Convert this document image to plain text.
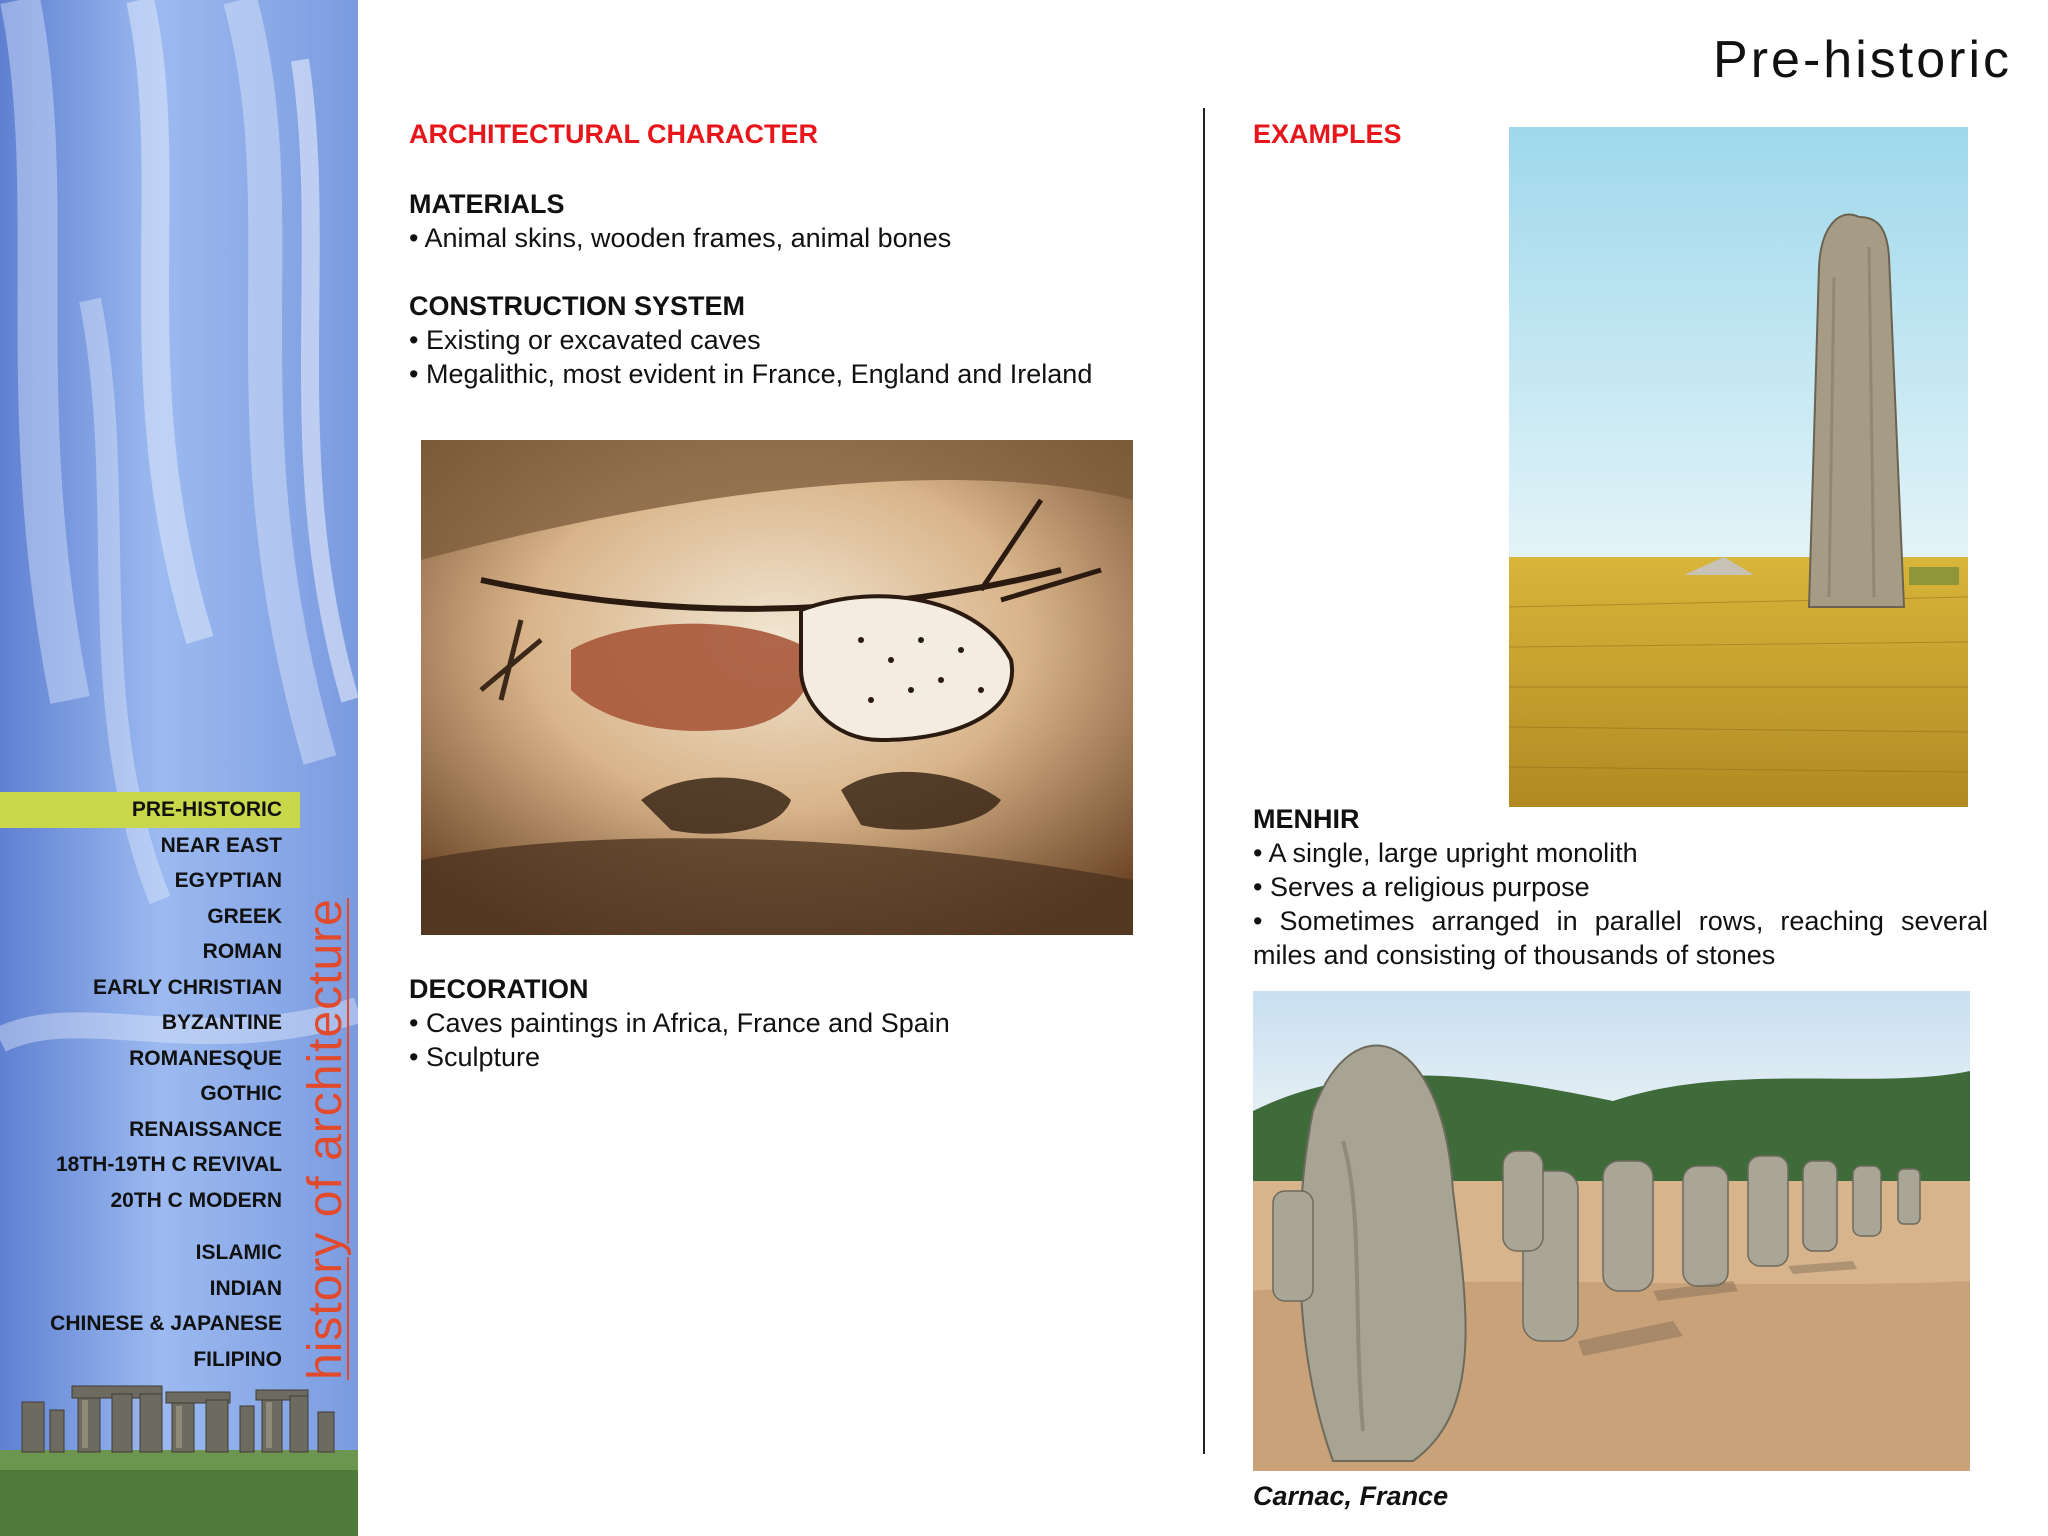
PRE-HISTORIC
NEAR EAST
EGYPTIAN
GREEK
ROMAN
EARLY CHRISTIAN
BYZANTINE
ROMANESQUE
GOTHIC
RENAISSANCE
18TH-19TH C REVIVAL
20TH C MODERN
ISLAMIC
INDIAN
CHINESE & JAPANESE
FILIPINO history of architecture
Pre-historic
ARCHITECTURAL CHARACTER
MATERIALS

• Animal skins, wooden frames, animal bones

CONSTRUCTION SYSTEM

• Existing or excavated caves

• Megalithic, most evident in France, England and Ireland

DECORATION

• Caves paintings in Africa, France and Spain

• Sculpture

EXAMPLES
MENHIR

• A single, large upright monolith

• Serves a religious purpose

• Sometimes arranged in parallel rows, reaching several miles and consisting of thousands of stones

Carnac, France
